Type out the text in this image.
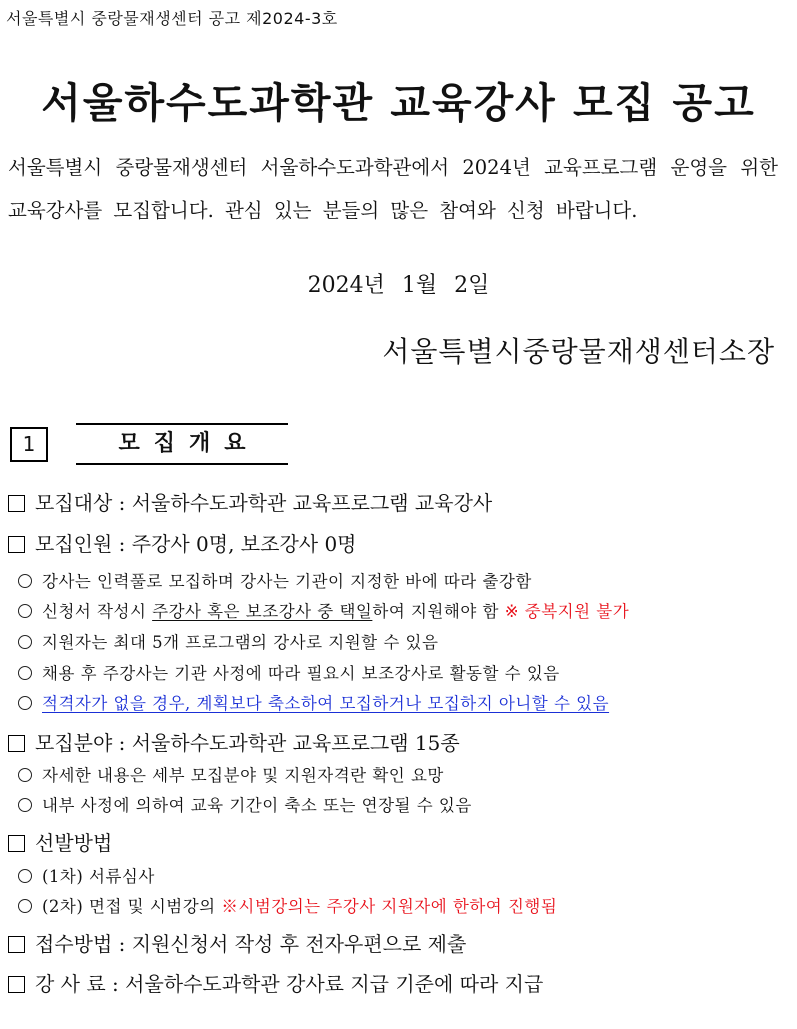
서울특별시 중랑물재생센터 공고 제2024-3호
서울하수도과학관 교육강사 모집 공고
서울특별시 중랑물재생센터 서울하수도과학관에서 2024년 교육프로그램 운영을 위한 교육강사를 모집합니다. 관심 있는 분들의 많은 참여와 신청 바랍니다.
2024년 1월 2일
서울특별시중랑물재생센터소장
1	모집개요
모집대상 : 서울하수도과학관 교육프로그램 교육강사
모집인원 : 주강사 0명, 보조강사 0명
강사는 인력풀로 모집하며 강사는 기관이 지정한 바에 따라 출강함
신청서 작성시 주강사 혹은 보조강사 중 택일하여 지원해야 함 ※ 중복지원 불가
지원자는 최대 5개 프로그램의 강사로 지원할 수 있음
채용 후 주강사는 기관 사정에 따라 필요시 보조강사로 활동할 수 있음
적격자가 없을 경우, 계획보다 축소하여 모집하거나 모집하지 아니할 수 있음
모집분야 : 서울하수도과학관 교육프로그램 15종
자세한 내용은 세부 모집분야 및 지원자격란 확인 요망
내부 사정에 의하여 교육 기간이 축소 또는 연장될 수 있음
선발방법
(1차) 서류심사
(2차) 면접 및 시범강의 ※시범강의는 주강사 지원자에 한하여 진행됨
접수방법 : 지원신청서 작성 후 전자우편으로 제출
강 사 료 : 서울하수도과학관 강사료 지급 기준에 따라 지급
